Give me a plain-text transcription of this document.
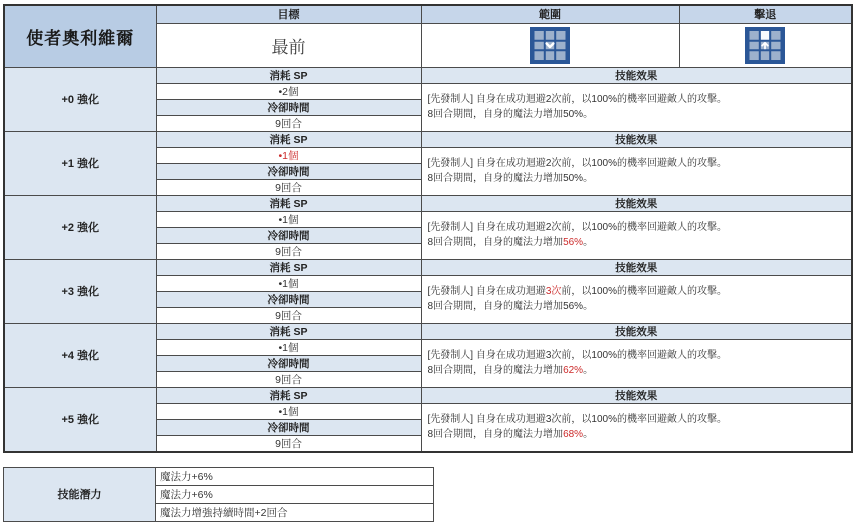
使者奧利維爾	目標	範圍	擊退
	最前	

+0 強化	消耗 SP	技能效果	
	•2個	[先發制人] 自身在成功迴避2次前，以100%的機率回避敵人的攻擊。
8回合期間，自身的魔法力增加50%。	

	冷卻時間		
	9回合		
+1 強化	消耗 SP	技能效果	
	•1個	[先發制人] 自身在成功迴避2次前，以100%的機率回避敵人的攻擊。
8回合期間，自身的魔法力增加50%。	

	冷卻時間		
	9回合		
+2 強化	消耗 SP	技能效果	
	•1個	[先發制人] 自身在成功迴避2次前，以100%的機率回避敵人的攻擊。
8回合期間，自身的魔法力增加56%。	

	冷卻時間		
	9回合		
+3 強化	消耗 SP	技能效果	
	•1個	[先發制人] 自身在成功迴避3次前，以100%的機率回避敵人的攻擊。
8回合期間，自身的魔法力增加56%。	

	冷卻時間		
	9回合		
+4 強化	消耗 SP	技能效果	
	•1個	[先發制人] 自身在成功迴避3次前，以100%的機率回避敵人的攻擊。
8回合期間，自身的魔法力增加62%。	

	冷卻時間		
	9回合		
+5 強化	消耗 SP	技能效果	
	•1個	[先發制人] 自身在成功迴避3次前，以100%的機率回避敵人的攻擊。
8回合期間，自身的魔法力增加68%。	

	冷卻時間		
	9回合		
技能潛力	魔法力+6%
魔法力+6%
魔法力增強持續時間+2回合
